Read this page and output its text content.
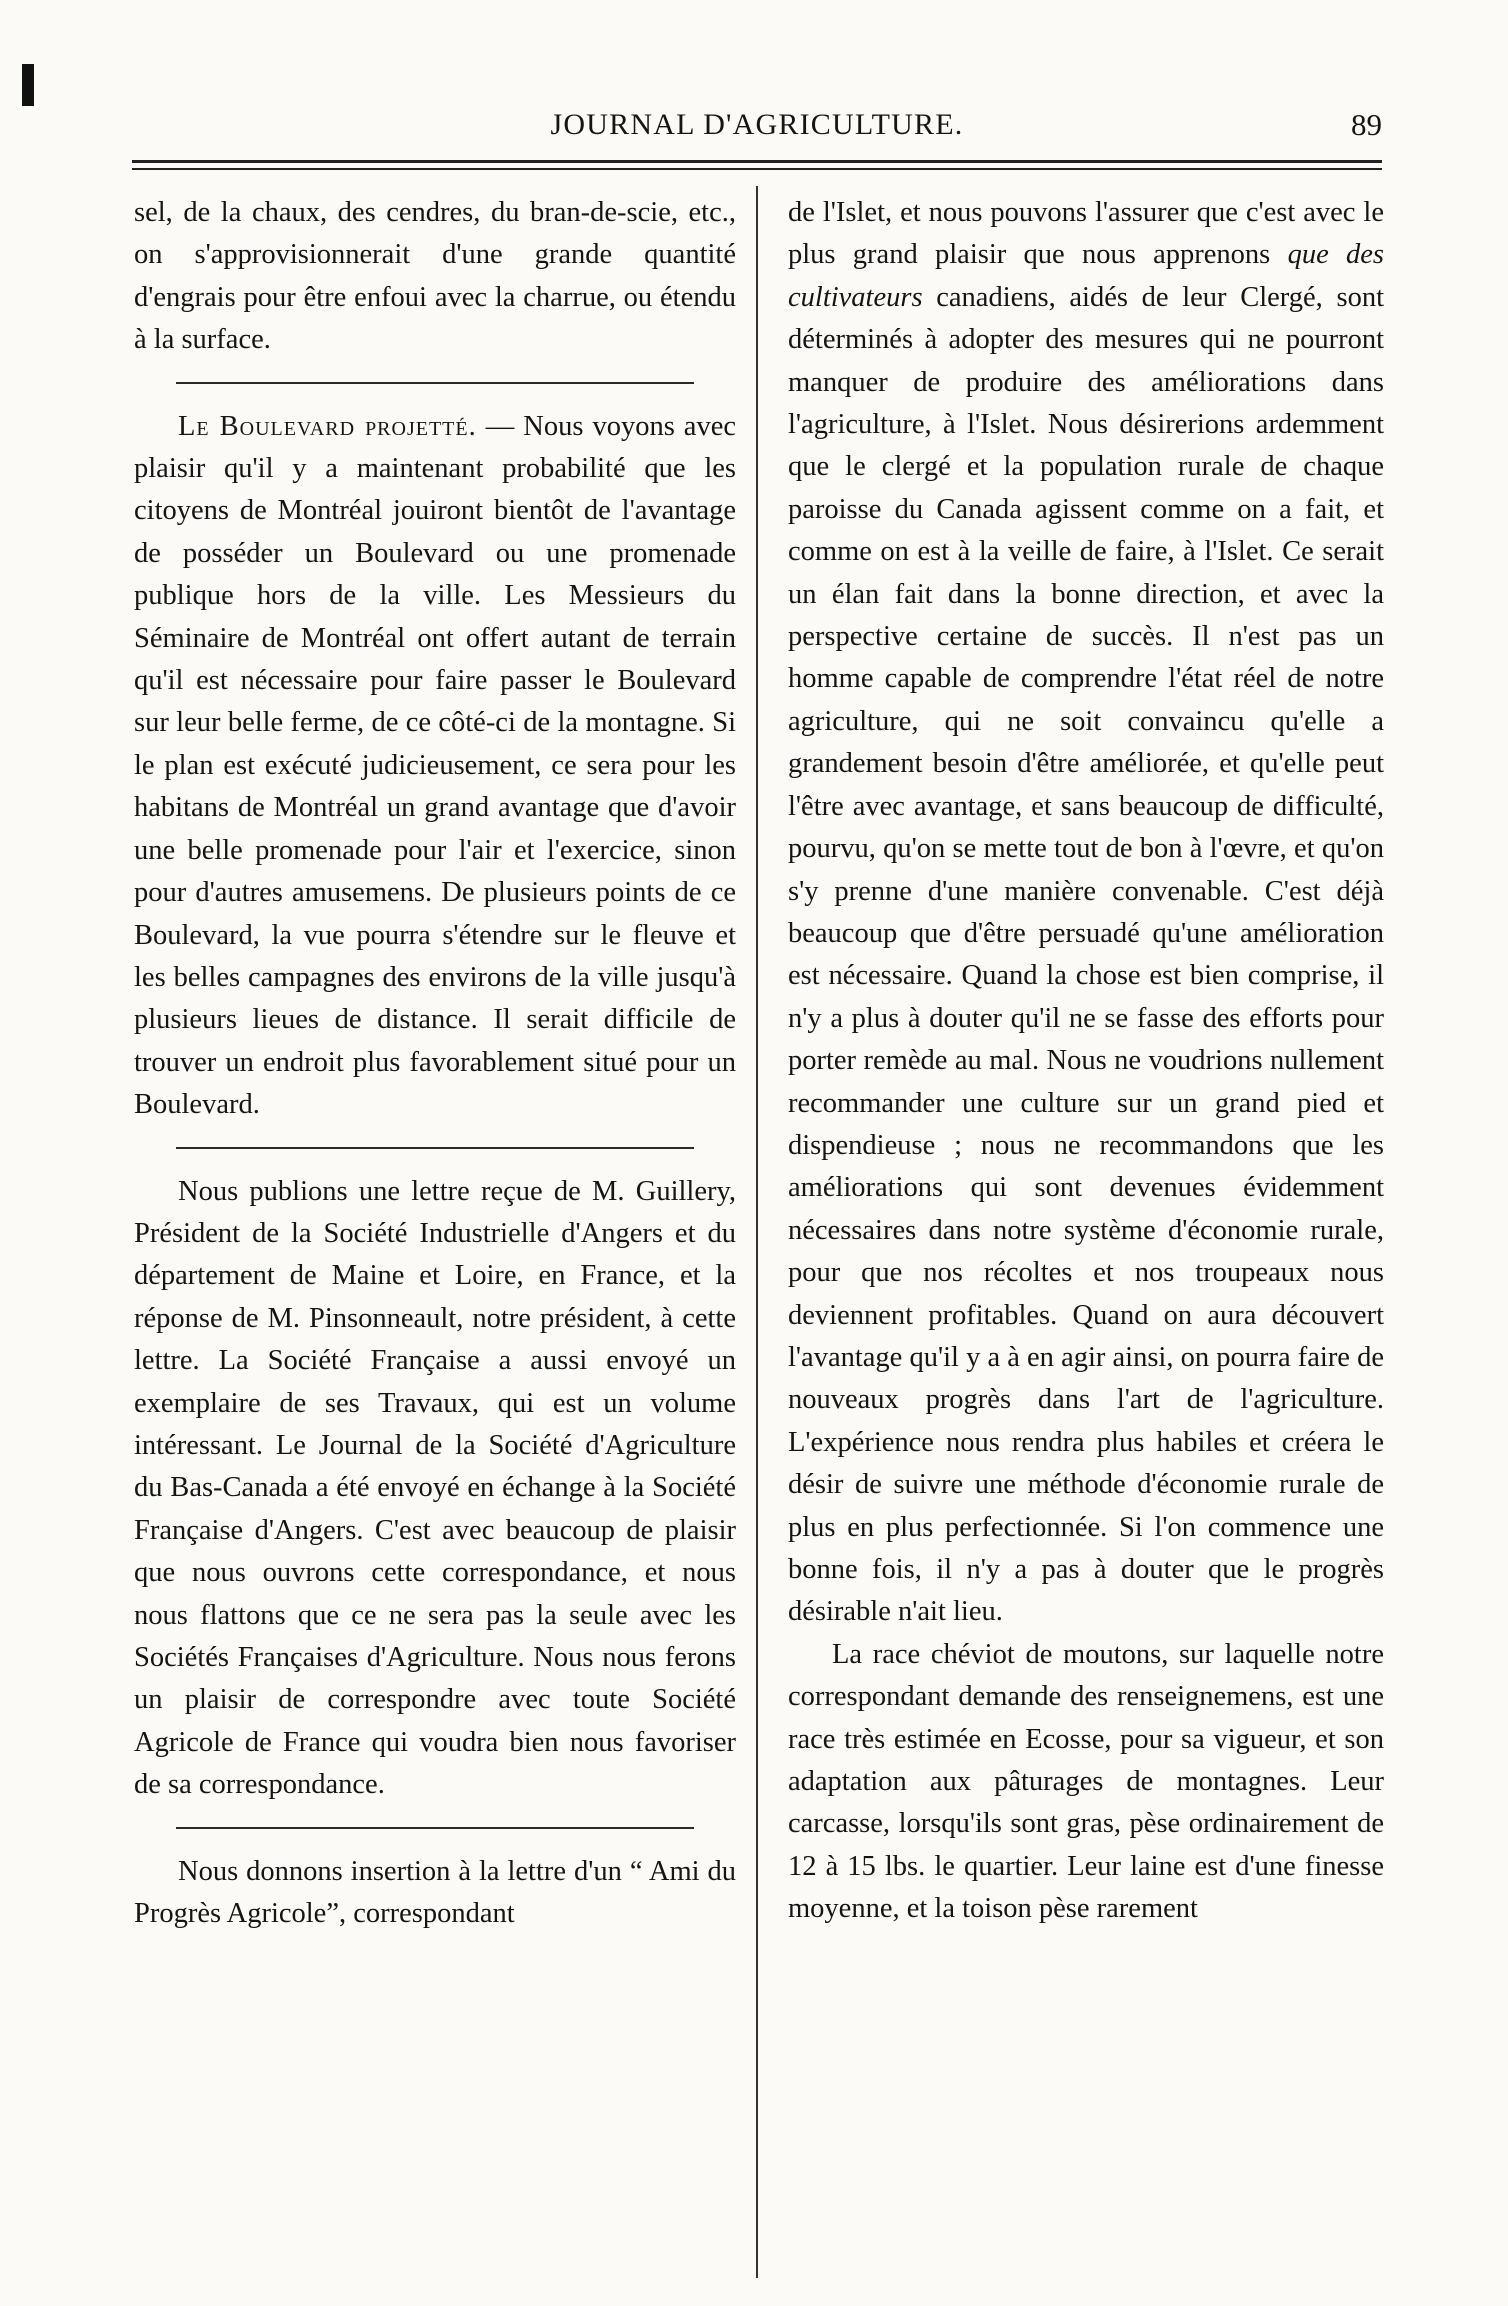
JOURNAL D'AGRICULTURE.	89

sel, de la chaux, des cendres, du bran-de-scie, etc., on s'approvisionnerait d'une grande quantité d'engrais pour être enfoui avec la charrue, ou étendu à la surface.

Le Boulevard projetté. — Nous voyons avec plaisir qu'il y a maintenant probabilité que les citoyens de Montréal jouiront bientôt de l'avantage de posséder un Boulevard ou une promenade publique hors de la ville. Les Messieurs du Séminaire de Montréal ont offert autant de terrain qu'il est nécessaire pour faire passer le Boulevard sur leur belle ferme, de ce côté-ci de la montagne. Si le plan est exécuté judicieusement, ce sera pour les habitans de Montréal un grand avantage que d'avoir une belle promenade pour l'air et l'exercice, sinon pour d'autres amusemens. De plusieurs points de ce Boulevard, la vue pourra s'étendre sur le fleuve et les belles campagnes des environs de la ville jusqu'à plusieurs lieues de distance. Il serait difficile de trouver un endroit plus favorablement situé pour un Boulevard.

Nous publions une lettre reçue de M. Guillery, Président de la Société Industrielle d'Angers et du département de Maine et Loire, en France, et la réponse de M. Pinsonneault, notre président, à cette lettre. La Société Française a aussi envoyé un exemplaire de ses Travaux, qui est un volume intéressant. Le Journal de la Société d'Agriculture du Bas-Canada a été envoyé en échange à la Société Française d'Angers. C'est avec beaucoup de plaisir que nous ouvrons cette correspondance, et nous nous flattons que ce ne sera pas la seule avec les Sociétés Françaises d'Agriculture. Nous nous ferons un plaisir de correspondre avec toute Société Agricole de France qui voudra bien nous favoriser de sa correspondance.

Nous donnons insertion à la lettre d'un “ Ami du Progrès Agricole”, correspondant

de l'Islet, et nous pouvons l'assurer que c'est avec le plus grand plaisir que nous apprenons que des cultivateurs canadiens, aidés de leur Clergé, sont déterminés à adopter des mesures qui ne pourront manquer de produire des améliorations dans l'agriculture, à l'Islet. Nous désirerions ardemment que le clergé et la population rurale de chaque paroisse du Canada agissent comme on a fait, et comme on est à la veille de faire, à l'Islet. Ce serait un élan fait dans la bonne direction, et avec la perspective certaine de succès. Il n'est pas un homme capable de comprendre l'état réel de notre agriculture, qui ne soit convaincu qu'elle a grandement besoin d'être améliorée, et qu'elle peut l'être avec avantage, et sans beaucoup de difficulté, pourvu, qu'on se mette tout de bon à l'œvre, et qu'on s'y prenne d'une manière convenable. C'est déjà beaucoup que d'être persuadé qu'une amélioration est nécessaire. Quand la chose est bien comprise, il n'y a plus à douter qu'il ne se fasse des efforts pour porter remède au mal. Nous ne voudrions nullement recommander une culture sur un grand pied et dispendieuse ; nous ne recommandons que les améliorations qui sont devenues évidemment nécessaires dans notre système d'économie rurale, pour que nos récoltes et nos troupeaux nous deviennent profitables. Quand on aura découvert l'avantage qu'il y a à en agir ainsi, on pourra faire de nouveaux progrès dans l'art de l'agriculture. L'expérience nous rendra plus habiles et créera le désir de suivre une méthode d'économie rurale de plus en plus perfectionnée. Si l'on commence une bonne fois, il n'y a pas à douter que le progrès désirable n'ait lieu.

La race chéviot de moutons, sur laquelle notre correspondant demande des renseignemens, est une race très estimée en Ecosse, pour sa vigueur, et son adaptation aux pâturages de montagnes. Leur carcasse, lorsqu'ils sont gras, pèse ordinairement de 12 à 15 lbs. le quartier. Leur laine est d'une finesse moyenne, et la toison pèse rarement
